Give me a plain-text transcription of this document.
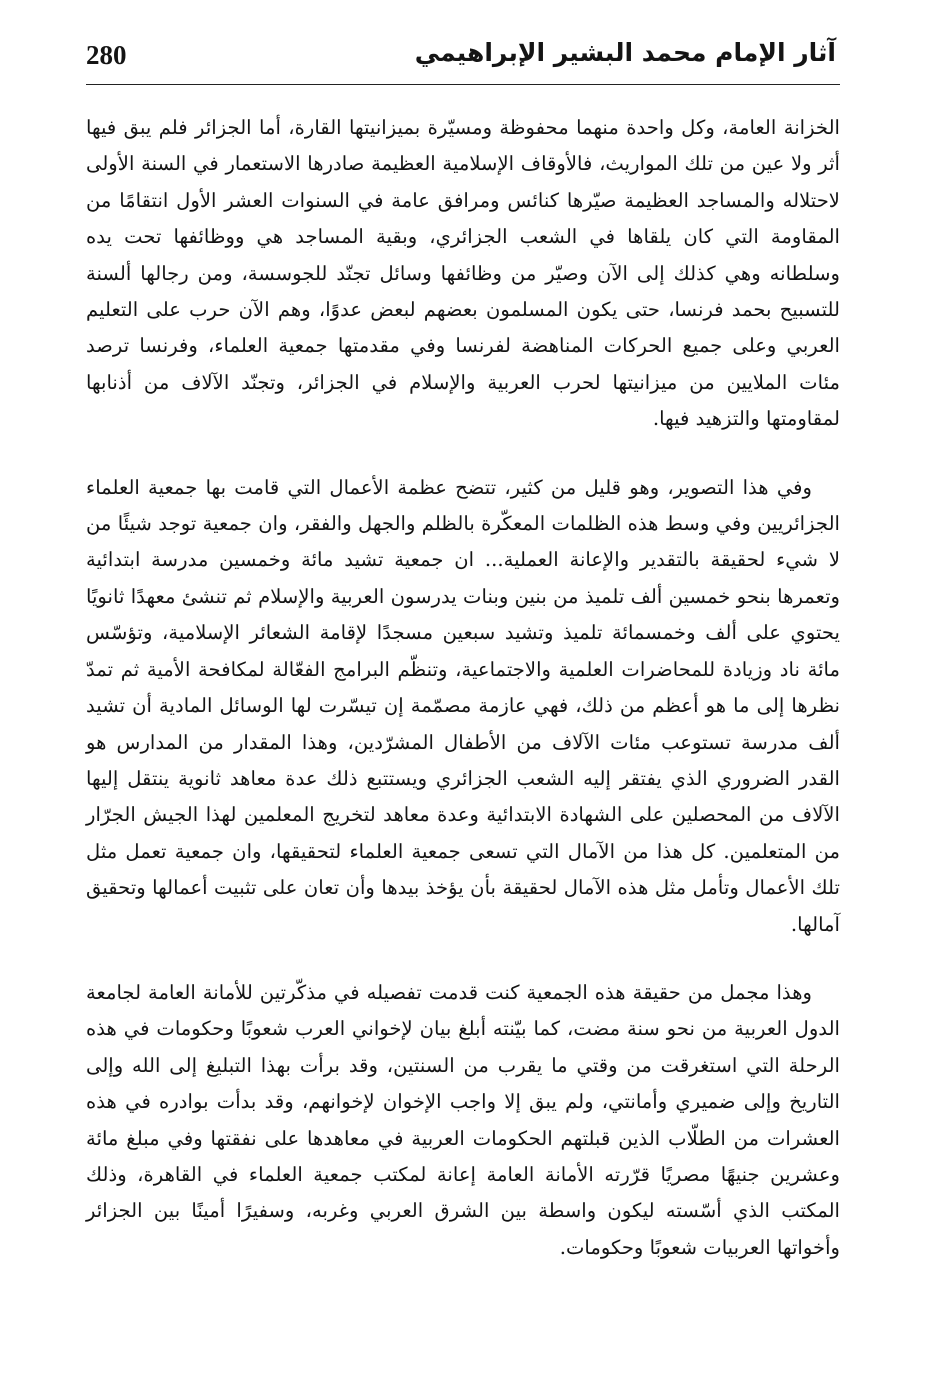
280	آثار الإمام محمد البشير الإبراهيمي

الخزانة العامة، وكل واحدة منهما محفوظة ومسيّرة بميزانيتها القارة، أما الجزائر فلم يبق فيها أثر ولا عين من تلك المواريث، فالأوقاف الإسلامية العظيمة صادرها الاستعمار في السنة الأولى لاحتلاله والمساجد العظيمة صيّرها كنائس ومرافق عامة في السنوات العشر الأول انتقامًا من المقاومة التي كان يلقاها في الشعب الجزائري، وبقية المساجد هي ووظائفها تحت يده وسلطانه وهي كذلك إلى الآن وصيّر من وظائفها وسائل تجنّد للجوسسة، ومن رجالها ألسنة للتسبيح بحمد فرنسا، حتى يكون المسلمون بعضهم لبعض عدوًا، وهم الآن حرب على التعليم العربي وعلى جميع الحركات المناهضة لفرنسا وفي مقدمتها جمعية العلماء، وفرنسا ترصد مئات الملايين من ميزانيتها لحرب العربية والإسلام في الجزائر، وتجنّد الآلاف من أذنابها لمقاومتها والتزهيد فيها.

وفي هذا التصوير، وهو قليل من كثير، تتضح عظمة الأعمال التي قامت بها جمعية العلماء الجزائريين وفي وسط هذه الظلمات المعكّرة بالظلم والجهل والفقر، وان جمعية توجد شيئًا من لا شيء لحقيقة بالتقدير والإعانة العملية... ان جمعية تشيد مائة وخمسين مدرسة ابتدائية وتعمرها بنحو خمسين ألف تلميذ من بنين وبنات يدرسون العربية والإسلام ثم تنشئ معهدًا ثانويًا يحتوي على ألف وخمسمائة تلميذ وتشيد سبعين مسجدًا لإقامة الشعائر الإسلامية، وتؤسّس مائة ناد وزيادة للمحاضرات العلمية والاجتماعية، وتنظّم البرامج الفعّالة لمكافحة الأمية ثم تمدّ نظرها إلى ما هو أعظم من ذلك، فهي عازمة مصمّمة إن تيسّرت لها الوسائل المادية أن تشيد ألف مدرسة تستوعب مئات الآلاف من الأطفال المشرّدين، وهذا المقدار من المدارس هو القدر الضروري الذي يفتقر إليه الشعب الجزائري ويستتبع ذلك عدة معاهد ثانوية ينتقل إليها الآلاف من المحصلين على الشهادة الابتدائية وعدة معاهد لتخريج المعلمين لهذا الجيش الجرّار من المتعلمين. كل هذا من الآمال التي تسعى جمعية العلماء لتحقيقها، وان جمعية تعمل مثل تلك الأعمال وتأمل مثل هذه الآمال لحقيقة بأن يؤخذ بيدها وأن تعان على تثبيت أعمالها وتحقيق آمالها.

وهذا مجمل من حقيقة هذه الجمعية كنت قدمت تفصيله في مذكّرتين للأمانة العامة لجامعة الدول العربية من نحو سنة مضت، كما بيّنته أبلغ بيان لإخواني العرب شعوبًا وحكومات في هذه الرحلة التي استغرقت من وقتي ما يقرب من السنتين، وقد برأت بهذا التبليغ إلى الله وإلى التاريخ وإلى ضميري وأمانتي، ولم يبق إلا واجب الإخوان لإخوانهم، وقد بدأت بوادره في هذه العشرات من الطلّاب الذين قبلتهم الحكومات العربية في معاهدها على نفقتها وفي مبلغ مائة وعشرين جنيهًا مصريًا قرّرته الأمانة العامة إعانة لمكتب جمعية العلماء في القاهرة، وذلك المكتب الذي أسّسته ليكون واسطة بين الشرق العربي وغربه، وسفيرًا أمينًا بين الجزائر وأخواتها العربيات شعوبًا وحكومات.
